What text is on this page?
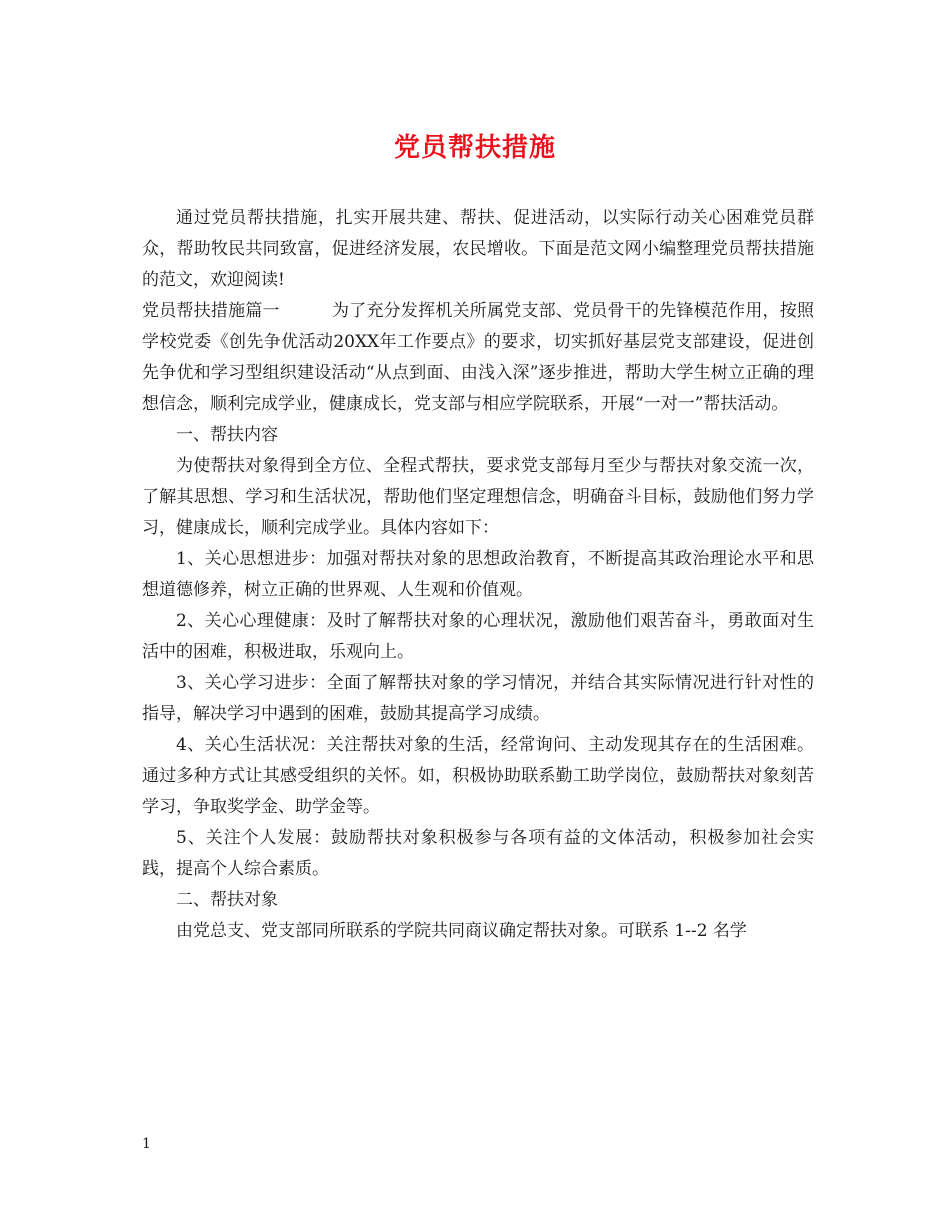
党员帮扶措施

通过党员帮扶措施，扎实开展共建、帮扶、促进活动，以实际行动关心困难党员群众，帮助牧民共同致富，促进经济发展，农民增收。下面是范文网小编整理党员帮扶措施的范文，欢迎阅读!

党员帮扶措施篇一	为了充分发挥机关所属党支部、党员骨干的先锋模范作用，按照学校党委《创先争优活动20XX年工作要点》的要求，切实抓好基层党支部建设，促进创先争优和学习型组织建设活动“从点到面、由浅入深”逐步推进，帮助大学生树立正确的理想信念，顺利完成学业，健康成长，党支部与相应学院联系，开展“一对一”帮扶活动。

一、帮扶内容

为使帮扶对象得到全方位、全程式帮扶，要求党支部每月至少与帮扶对象交流一次，了解其思想、学习和生活状况，帮助他们坚定理想信念，明确奋斗目标，鼓励他们努力学习，健康成长，顺利完成学业。具体内容如下：

1、关心思想进步：加强对帮扶对象的思想政治教育，不断提高其政治理论水平和思想道德修养，树立正确的世界观、人生观和价值观。

2、关心心理健康：及时了解帮扶对象的心理状况，激励他们艰苦奋斗，勇敢面对生活中的困难，积极进取，乐观向上。

3、关心学习进步：全面了解帮扶对象的学习情况，并结合其实际情况进行针对性的指导，解决学习中遇到的困难，鼓励其提高学习成绩。

4、关心生活状况：关注帮扶对象的生活，经常询问、主动发现其存在的生活困难。通过多种方式让其感受组织的关怀。如，积极协助联系勤工助学岗位，鼓励帮扶对象刻苦学习，争取奖学金、助学金等。

5、关注个人发展：鼓励帮扶对象积极参与各项有益的文体活动，积极参加社会实践，提高个人综合素质。

二、帮扶对象

由党总支、党支部同所联系的学院共同商议确定帮扶对象。可联系 1--2 名学

1
